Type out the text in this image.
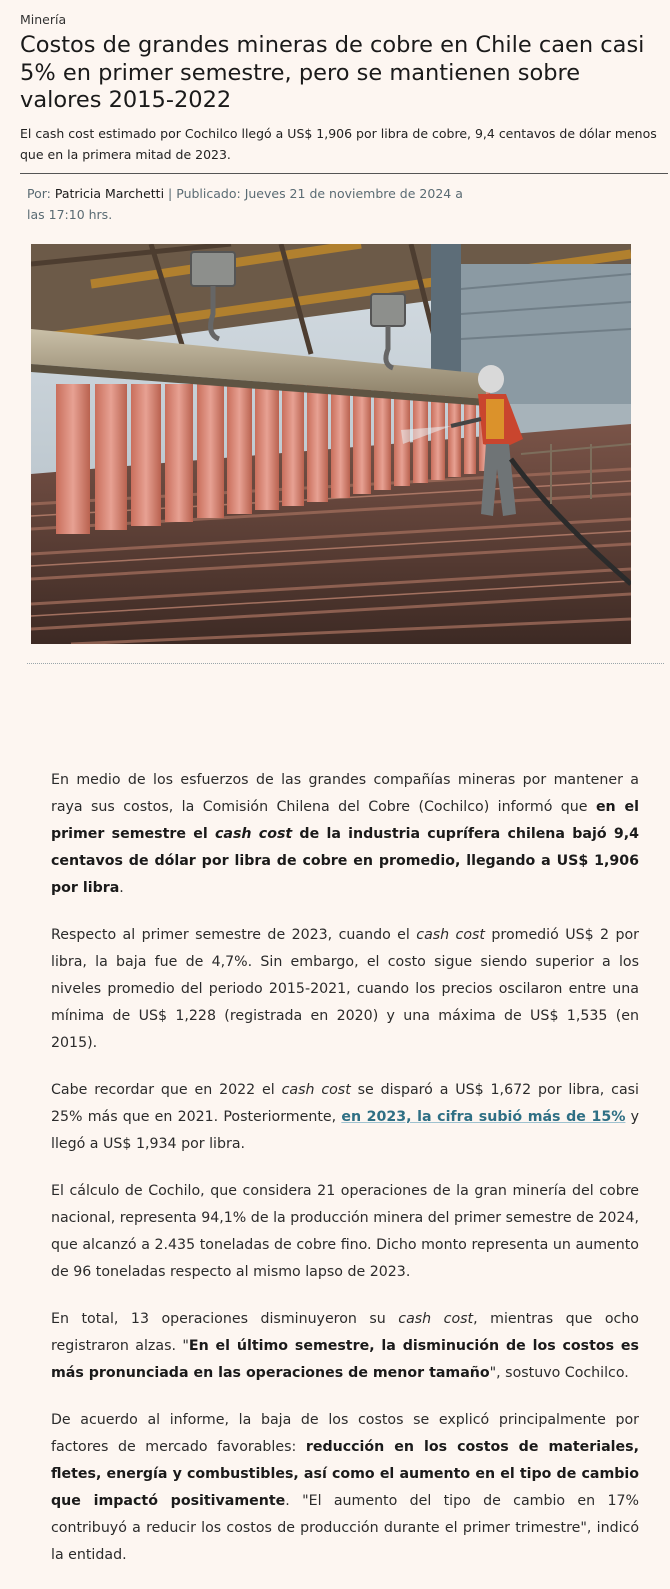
Minería
Costos de grandes mineras de cobre en Chile caen casi 5% en primer semestre, pero se mantienen sobre valores 2015-2022

El cash cost estimado por Cochilco llegó a US$ 1,906 por libra de cobre, 9,4 centavos de dólar menos que en la primera mitad de 2023.

Por: Patricia Marchetti | Publicado: Jueves 21 de noviembre de 2024 a las 17:10 hrs.

En medio de los esfuerzos de las grandes compañías mineras por mantener a raya sus costos, la Comisión Chilena del Cobre (Cochilco) informó que en el primer semestre el cash cost de la industria cuprífera chilena bajó 9,4 centavos de dólar por libra de cobre en promedio, llegando a US$ 1,906 por libra.

Respecto al primer semestre de 2023, cuando el cash cost promedió US$ 2 por libra, la baja fue de 4,7%. Sin embargo, el costo sigue siendo superior a los niveles promedio del periodo 2015-2021, cuando los precios oscilaron entre una mínima de US$ 1,228 (registrada en 2020) y una máxima de US$ 1,535 (en 2015).

Cabe recordar que en 2022 el cash cost se disparó a US$ 1,672 por libra, casi 25% más que en 2021. Posteriormente, en 2023, la cifra subió más de 15% y llegó a US$ 1,934 por libra.

El cálculo de Cochilo, que considera 21 operaciones de la gran minería del cobre nacional, representa 94,1% de la producción minera del primer semestre de 2024, que alcanzó a 2.435 toneladas de cobre fino. Dicho monto representa un aumento de 96 toneladas respecto al mismo lapso de 2023.

En total, 13 operaciones disminuyeron su cash cost, mientras que ocho registraron alzas. "En el último semestre, la disminución de los costos es más pronunciada en las operaciones de menor tamaño", sostuvo Cochilco.

De acuerdo al informe, la baja de los costos se explicó principalmente por factores de mercado favorables: reducción en los costos de materiales, fletes, energía y combustibles, así como el aumento en el tipo de cambio que impactó positivamente. "El aumento del tipo de cambio en 17% contribuyó a reducir los costos de producción durante el primer trimestre", indicó la entidad.
